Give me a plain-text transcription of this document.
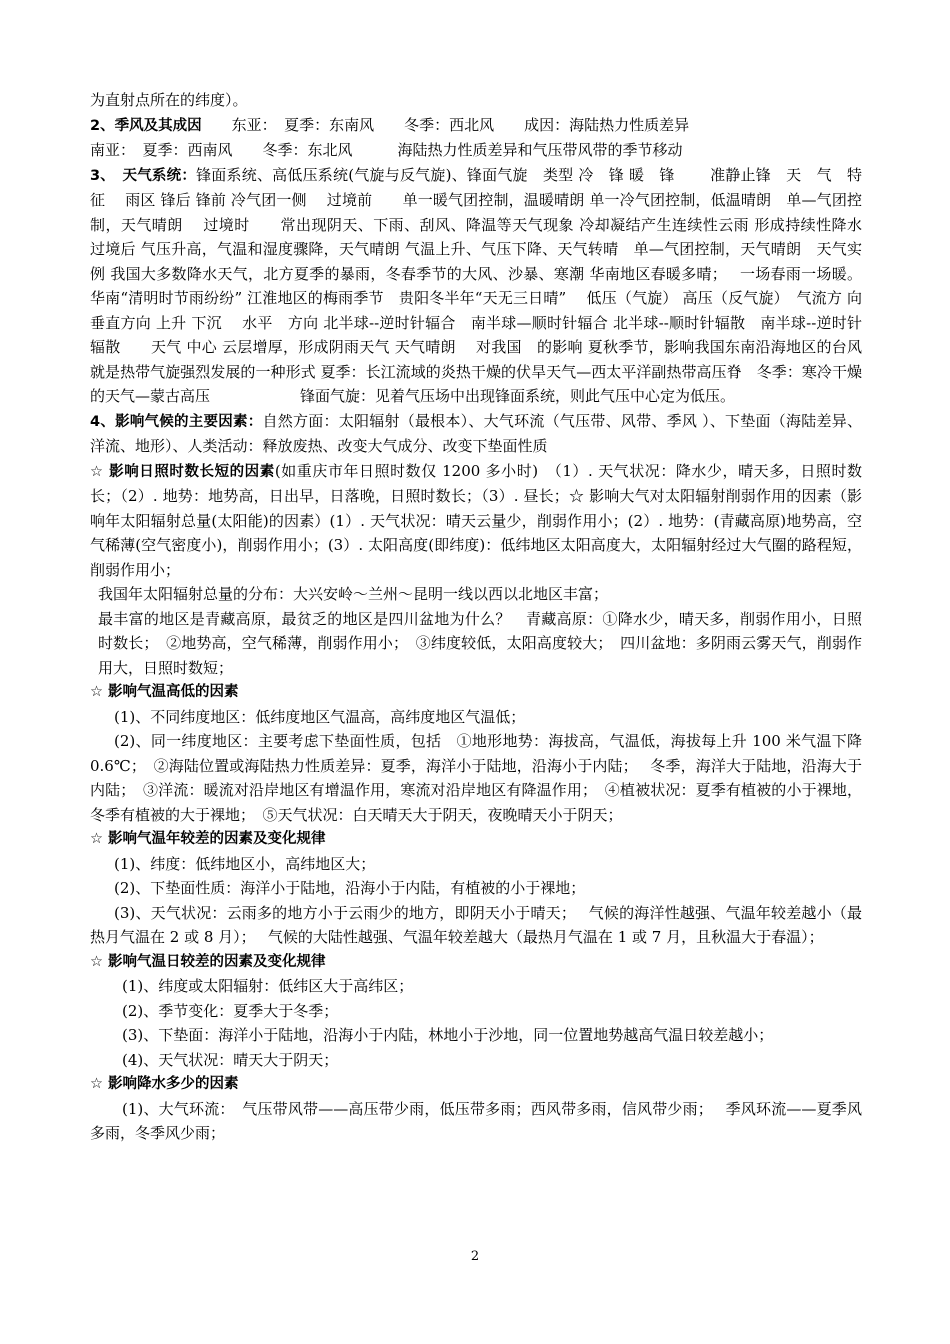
为直射点所在的纬度）。

2、季风及其成因　　东亚：　夏季：东南风　　冬季：西北风　　成因：海陆热力性质差异

南亚：　夏季：西南风　　冬季：东北风　　　海陆热力性质差异和气压带风带的季节移动

3、　天气系统：锋面系统、高低压系统(气旋与反气旋)、锋面气旋　类型 冷　锋 暖　锋　　 准静止锋　天　气　特　征　 雨区 锋后 锋前 冷气团一侧　 过境前　　单一暖气团控制，温暖晴朗 单一冷气团控制，低温晴朗　单—气团控制，天气晴朗　 过境时　　常出现阴天、下雨、刮风、降温等天气现象 冷却凝结产生连续性云雨 形成持续性降水　 过境后 气压升高，气温和湿度骤降，天气晴朗 气温上升、气压下降、天气转晴　单—气团控制，天气晴朗　天气实例 我国大多数降水天气，北方夏季的暴雨，冬春季节的大风、沙暴、寒潮 华南地区春暖多晴；　 一场春雨一场暖。 华南“清明时节雨纷纷” 江淮地区的梅雨季节　贵阳冬半年“天无三日晴”　 低压（气旋） 高压（反气旋）　气流方 向 垂直方向 上升 下沉　 水平　方向 北半球--逆时针辐合　南半球—顺时针辐合 北半球--顺时针辐散　南半球--逆时针辐散　　天气 中心 云层增厚，形成阴雨天气 天气晴朗　 对我国　的影响 夏秋季节，影响我国东南沿海地区的台风就是热带气旋强烈发展的一种形式 夏季：长江流域的炎热干燥的伏旱天气—西太平洋副热带高压脊　冬季：寒冷干燥的天气—蒙古高压　　　　　　锋面气旋：见着气压场中出现锋面系统，则此气压中心定为低压。

4、影响气候的主要因素：自然方面：太阳辐射（最根本）、大气环流（气压带、风带、季风 ）、下垫面（海陆差异、洋流、地形）、人类活动：释放废热、改变大气成分、改变下垫面性质

☆ 影响日照时数长短的因素(如重庆市年日照时数仅 1200 多小时)　（1）. 天气状况：降水少，晴天多，日照时数长；（2）. 地势：地势高，日出早，日落晚，日照时数长；（3）. 昼长；☆ 影响大气对太阳辐射削弱作用的因素（影响年太阳辐射总量(太阳能)的因素）(1）. 天气状况：晴天云量少，削弱作用小；(2）. 地势：(青藏高原)地势高，空气稀薄(空气密度小)，削弱作用小；(3）. 太阳高度(即纬度)：低纬地区太阳高度大，太阳辐射经过大气圈的路程短，削弱作用小；

我国年太阳辐射总量的分布：大兴安岭～兰州～昆明一线以西以北地区丰富；

最丰富的地区是青藏高原，最贫乏的地区是四川盆地为什么？　青藏高原：①降水少，晴天多，削弱作用小，日照时数长；　②地势高，空气稀薄，削弱作用小；　③纬度较低，太阳高度较大；　四川盆地：多阴雨云雾天气，削弱作用大，日照时数短；

☆ 影响气温高低的因素

(1)、不同纬度地区：低纬度地区气温高，高纬度地区气温低；

(2)、同一纬度地区：主要考虑下垫面性质，包括　①地形地势：海拔高，气温低，海拔每上升 100 米气温下降 0.6℃；　②海陆位置或海陆热力性质差异：夏季，海洋小于陆地，沿海小于内陆；　 冬季，海洋大于陆地，沿海大于内陆；　③洋流：暖流对沿岸地区有增温作用，寒流对沿岸地区有降温作用；　④植被状况：夏季有植被的小于裸地，冬季有植被的大于裸地；　⑤天气状况：白天晴天大于阴天，夜晚晴天小于阴天；

☆ 影响气温年较差的因素及变化规律

(1)、纬度：低纬地区小，高纬地区大；

(2)、下垫面性质：海洋小于陆地，沿海小于内陆，有植被的小于裸地；

(3)、天气状况：云雨多的地方小于云雨少的地方，即阴天小于晴天；　 气候的海洋性越强、气温年较差越小（最热月气温在 2 或 8 月）；　 气候的大陆性越强、气温年较差越大（最热月气温在 1 或 7 月，且秋温大于春温）；

☆ 影响气温日较差的因素及变化规律

(1)、纬度或太阳辐射：低纬区大于高纬区；

(2)、季节变化：夏季大于冬季；

(3)、下垫面：海洋小于陆地，沿海小于内陆，林地小于沙地，同一位置地势越高气温日较差越小；

(4)、天气状况：晴天大于阴天；

☆ 影响降水多少的因素

(1)、大气环流：　气压带风带——高压带少雨，低压带多雨；西风带多雨，信风带少雨；　 季风环流——夏季风多雨，冬季风少雨；

2
